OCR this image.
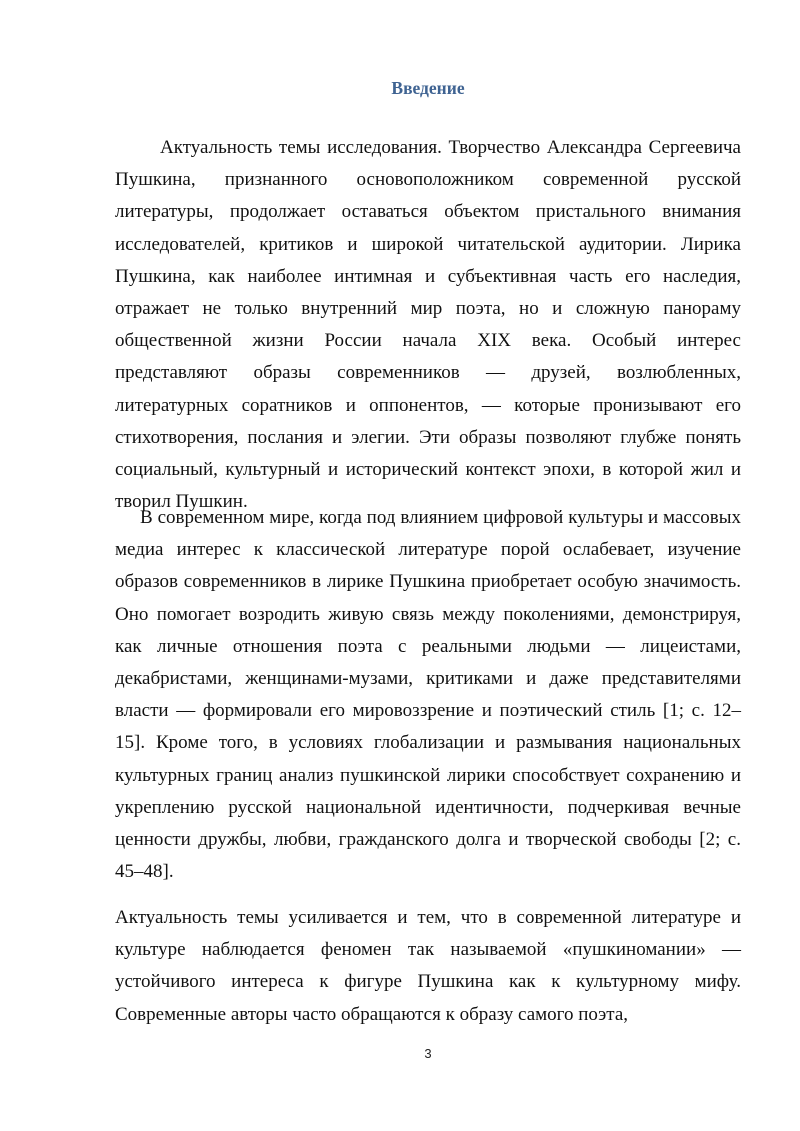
Введение

Актуальность темы исследования. Творчество Александра Сергеевича Пушкина, признанного основоположником современной русской литературы, продолжает оставаться объектом пристального внимания исследователей, критиков и широкой читательской аудитории. Лирика Пушкина, как наиболее интимная и субъективная часть его наследия, отражает не только внутренний мир поэта, но и сложную панораму общественной жизни России начала XIX века. Особый интерес представляют образы современников — друзей, возлюбленных, литературных соратников и оппонентов, — которые пронизывают его стихотворения, послания и элегии. Эти образы позволяют глубже понять социальный, культурный и исторический контекст эпохи, в которой жил и творил Пушкин.

В современном мире, когда под влиянием цифровой культуры и массовых медиа интерес к классической литературе порой ослабевает, изучение образов современников в лирике Пушкина приобретает особую значимость. Оно помогает возродить живую связь между поколениями, демонстрируя, как личные отношения поэта с реальными людьми — лицеистами, декабристами, женщинами-музами, критиками и даже представителями власти — формировали его мировоззрение и поэтический стиль [1; с. 12–15]. Кроме того, в условиях глобализации и размывания национальных культурных границ анализ пушкинской лирики способствует сохранению и укреплению русской национальной идентичности, подчеркивая вечные ценности дружбы, любви, гражданского долга и творческой свободы [2; с. 45–48].

Актуальность темы усиливается и тем, что в современной литературе и культуре наблюдается феномен так называемой «пушкиномании» — устойчивого интереса к фигуре Пушкина как к культурному мифу. Современные авторы часто обращаются к образу самого поэта,

3
